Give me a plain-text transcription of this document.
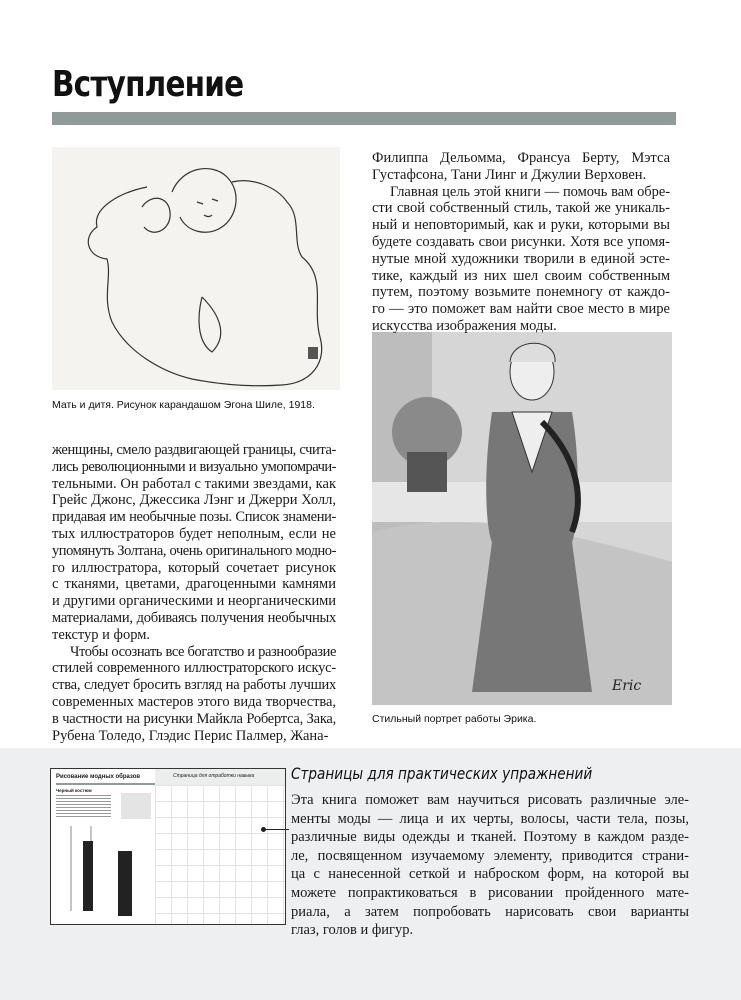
Вступление
Eric
Мать и дитя. Рисунок карандашом Эгона Шиле, 1918.
Стильный портрет работы Эрика.
женщины, смело раздвигающей границы, счита-
лись революционными и визуально умопомрачи-
тельными. Он работал с такими звездами, как
Грейс Джонс, Джессика Лэнг и Джерри Холл,
придавая им необычные позы. Список знамени-
тых иллюстраторов будет неполным, если не
упомянуть Золтана, очень оригинального модно-
го иллюстратора, который сочетает рисунок
с тканями, цветами, драгоценными камнями
и другими органическими и неорганическими
материалами, добиваясь получения необычных
текстур и форм.
Чтобы осознать все богатство и разнообразие
стилей современного иллюстраторского искус-
ства, следует бросить взгляд на работы лучших
современных мастеров этого вида творчества,
в частности на рисунки Майкла Робертса, Зака,
Рубена Толедо, Глэдис Перис Палмер, Жана-
Филиппа Дельомма, Франсуа Берту, Мэтса
Густафсона, Тани Линг и Джулии Верховен.
Главная цель этой книги — помочь вам обре-
сти свой собственный стиль, такой же уникаль-
ный и неповторимый, как и руки, которыми вы
будете создавать свои рисунки. Хотя все упомя-
нутые мной художники творили в единой эсте-
тике, каждый из них шел своим собственным
путем, поэтому возьмите понемногу от каждо-
го — это поможет вам найти свое место в мире
искусства изображения моды.
Рисование модных образов
Черный костюм
Страница для отработки навыка Страницы для практических упражнений
Эта книга поможет вам научиться рисовать различные эле-
менты моды — лица и их черты, волосы, части тела, позы,
различные виды одежды и тканей. Поэтому в каждом разде-
ле, посвященном изучаемому элементу, приводится страни-
ца с нанесенной сеткой и наброском форм, на которой вы
можете попрактиковаться в рисовании пройденного мате-
риала, а затем попробовать нарисовать свои варианты
глаз, голов и фигур.
